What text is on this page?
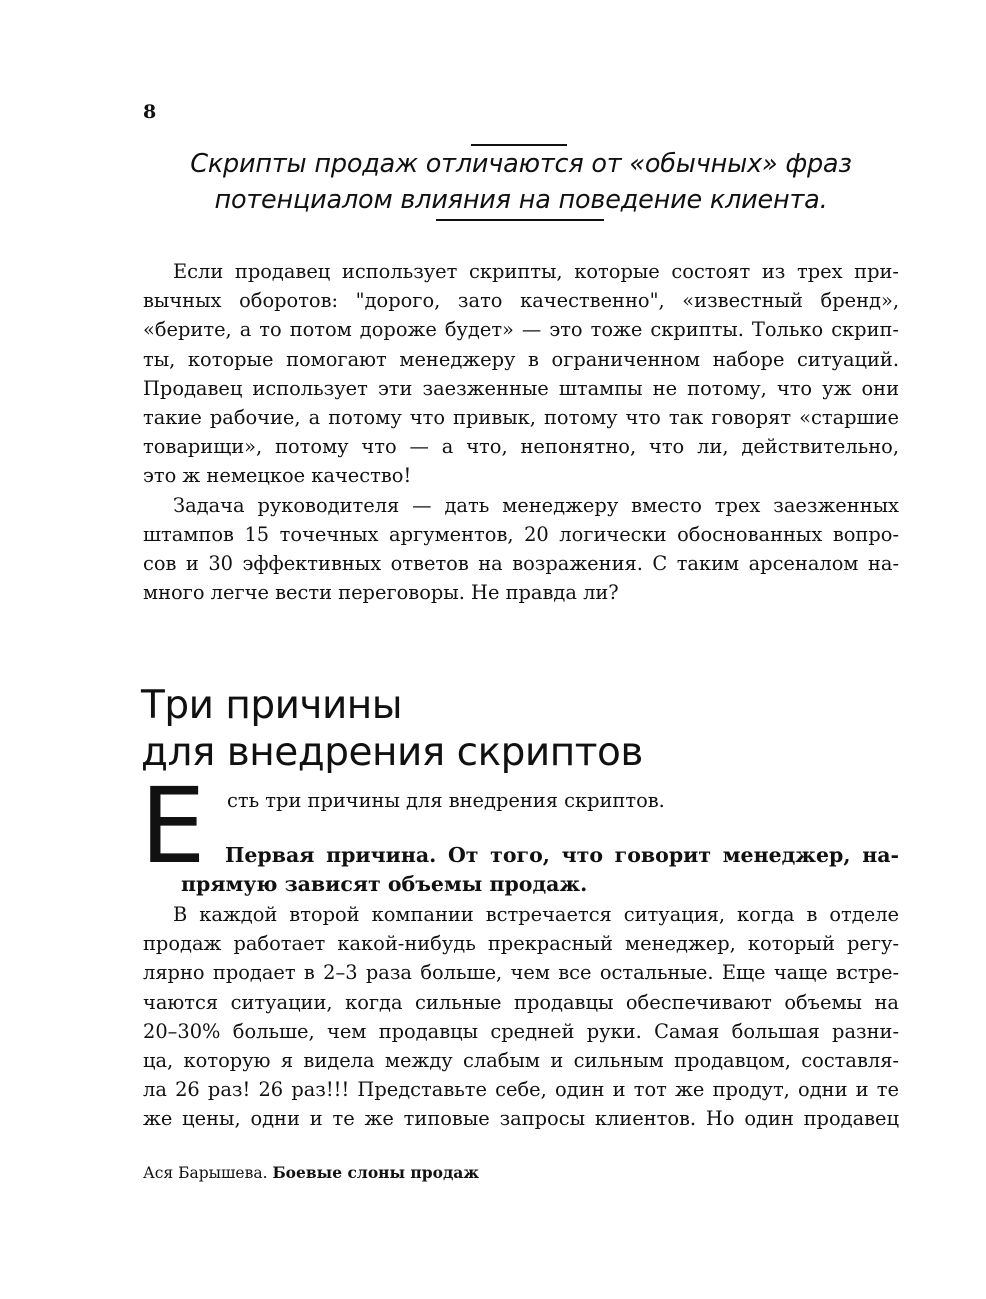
8
Скрипты продаж отличаются от «обычных» фраз
потенциалом влияния на поведение клиента.
Если продавец использует скрипты, которые состоят из трех при-
вычных оборотов: "дорого, зато качественно", «известный бренд»,
«берите, а то потом дороже будет» — это тоже скрипты. Только скрип-
ты, которые помогают менеджеру в ограниченном наборе ситуаций.
Продавец использует эти заезженные штампы не потому, что уж они
такие рабочие, а потому что привык, потому что так говорят «старшие
товарищи», потому что — а что, непонятно, что ли, действительно,
это ж немецкое качество!
Задача руководителя — дать менеджеру вместо трех заезженных
штампов 15 точечных аргументов, 20 логически обоснованных вопро-
сов и 30 эффективных ответов на возражения. С таким арсеналом на-
много легче вести переговоры. Не правда ли?
Три причины
для внедрения скриптов
Е сть три причины для внедрения скриптов.
Первая причина. От того, что говорит менеджер, на-
прямую зависят объемы продаж.
В каждой второй компании встречается ситуация, когда в отделе
продаж работает какой-нибудь прекрасный менеджер, который регу-
лярно продает в 2–3 раза больше, чем все остальные. Еще чаще встре-
чаются ситуации, когда сильные продавцы обеспечивают объемы на
20–30% больше, чем продавцы средней руки. Самая большая разни-
ца, которую я видела между слабым и сильным продавцом, составля-
ла 26 раз! 26 раз!!! Представьте себе, один и тот же продут, одни и те
же цены, одни и те же типовые запросы клиентов. Но один продавец
Ася Барышева. Боевые слоны продаж
